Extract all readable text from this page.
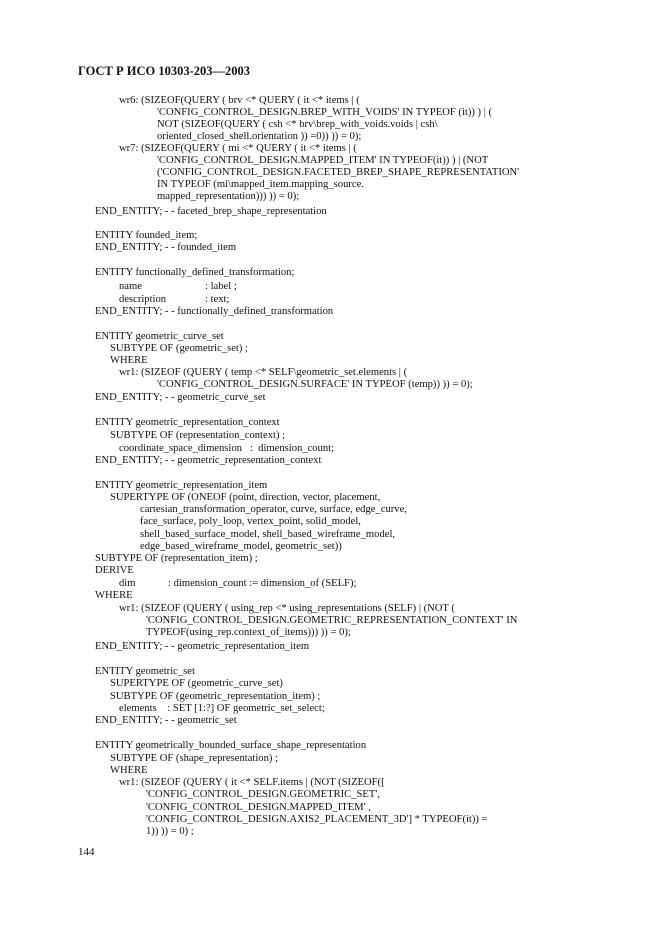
ГОСТ Р ИСО 10303-203—2003
wr6: (SIZEOF(QUERY ( brv <* QUERY ( it <* items | (
'CONFIG_CONTROL_DESIGN.BREP_WITH_VOIDS' IN TYPEOF (it)) ) | (
NOT (SIZEOF(QUERY ( csh <* brv\brep_with_voids.voids | csh\
oriented_closed_shell.orientation )) =0)) )) = 0);
wr7: (SIZEOF(QUERY ( mi <* QUERY ( it <* items | (
'CONFIG_CONTROL_DESIGN.MAPPED_ITEM' IN TYPEOF(it)) ) | (NOT
('CONFIG_CONTROL_DESIGN.FACETED_BREP_SHAPE_REPRESENTATION'
IN TYPEOF (mi\mapped_item.mapping_source.
mapped_representation))) )) = 0);
END_ENTITY; - - faceted_brep_shape_representation
ENTITY founded_item;
END_ENTITY; - - founded_item
ENTITY functionally_defined_transformation;
name	: label ;
description	: text;
END_ENTITY; - - functionally_defined_transformation
ENTITY geometric_curve_set
SUBTYPE OF (geometric_set) ;
WHERE
wr1: (SIZEOF (QUERY ( temp <* SELF\geometric_set.elements | (
'CONFIG_CONTROL_DESIGN.SURFACE' IN TYPEOF (temp)) )) = 0);
END_ENTITY; - - geometric_curve_set
ENTITY geometric_representation_context
SUBTYPE OF (representation_context) ;
coordinate_space_dimension   :  dimension_count;
END_ENTITY; - - geometric_representation_context
ENTITY geometric_representation_item
SUPERTYPE OF (ONEOF (point, direction, vector, placement,
cartesian_transformation_operator, curve, surface, edge_curve,
face_surface, poly_loop, vertex_point, solid_model,
shell_based_surface_model, shell_based_wireframe_model,
edge_based_wireframe_model, geometric_set))
SUBTYPE OF (representation_item) ;
DERIVE
dim	: dimension_count := dimension_of (SELF);
WHERE
wr1: (SIZEOF (QUERY ( using_rep <* using_representations (SELF) | (NOT (
'CONFIG_CONTROL_DESIGN.GEOMETRIC_REPRESENTATION_CONTEXT' IN
TYPEOF(using_rep.context_of_items))) )) = 0);
END_ENTITY; - - geometric_representation_item
ENTITY geometric_set
SUPERTYPE OF (geometric_curve_set)
SUBTYPE OF (geometric_representation_item) ;
elements    : SET [1:?] OF geometric_set_select;
END_ENTITY; - - geometric_set
ENTITY geometrically_bounded_surface_shape_representation
SUBTYPE OF (shape_representation) ;
WHERE
wr1: (SIZEOF (QUERY ( it <* SELF.items | (NOT (SIZEOF([
'CONFIG_CONTROL_DESIGN.GEOMETRIC_SET',
'CONFIG_CONTROL_DESIGN.MAPPED_ITEM' ,
'CONFIG_CONTROL_DESIGN.AXIS2_PLACEMENT_3D'] * TYPEOF(it)) =
1)) )) = 0) ;
144
